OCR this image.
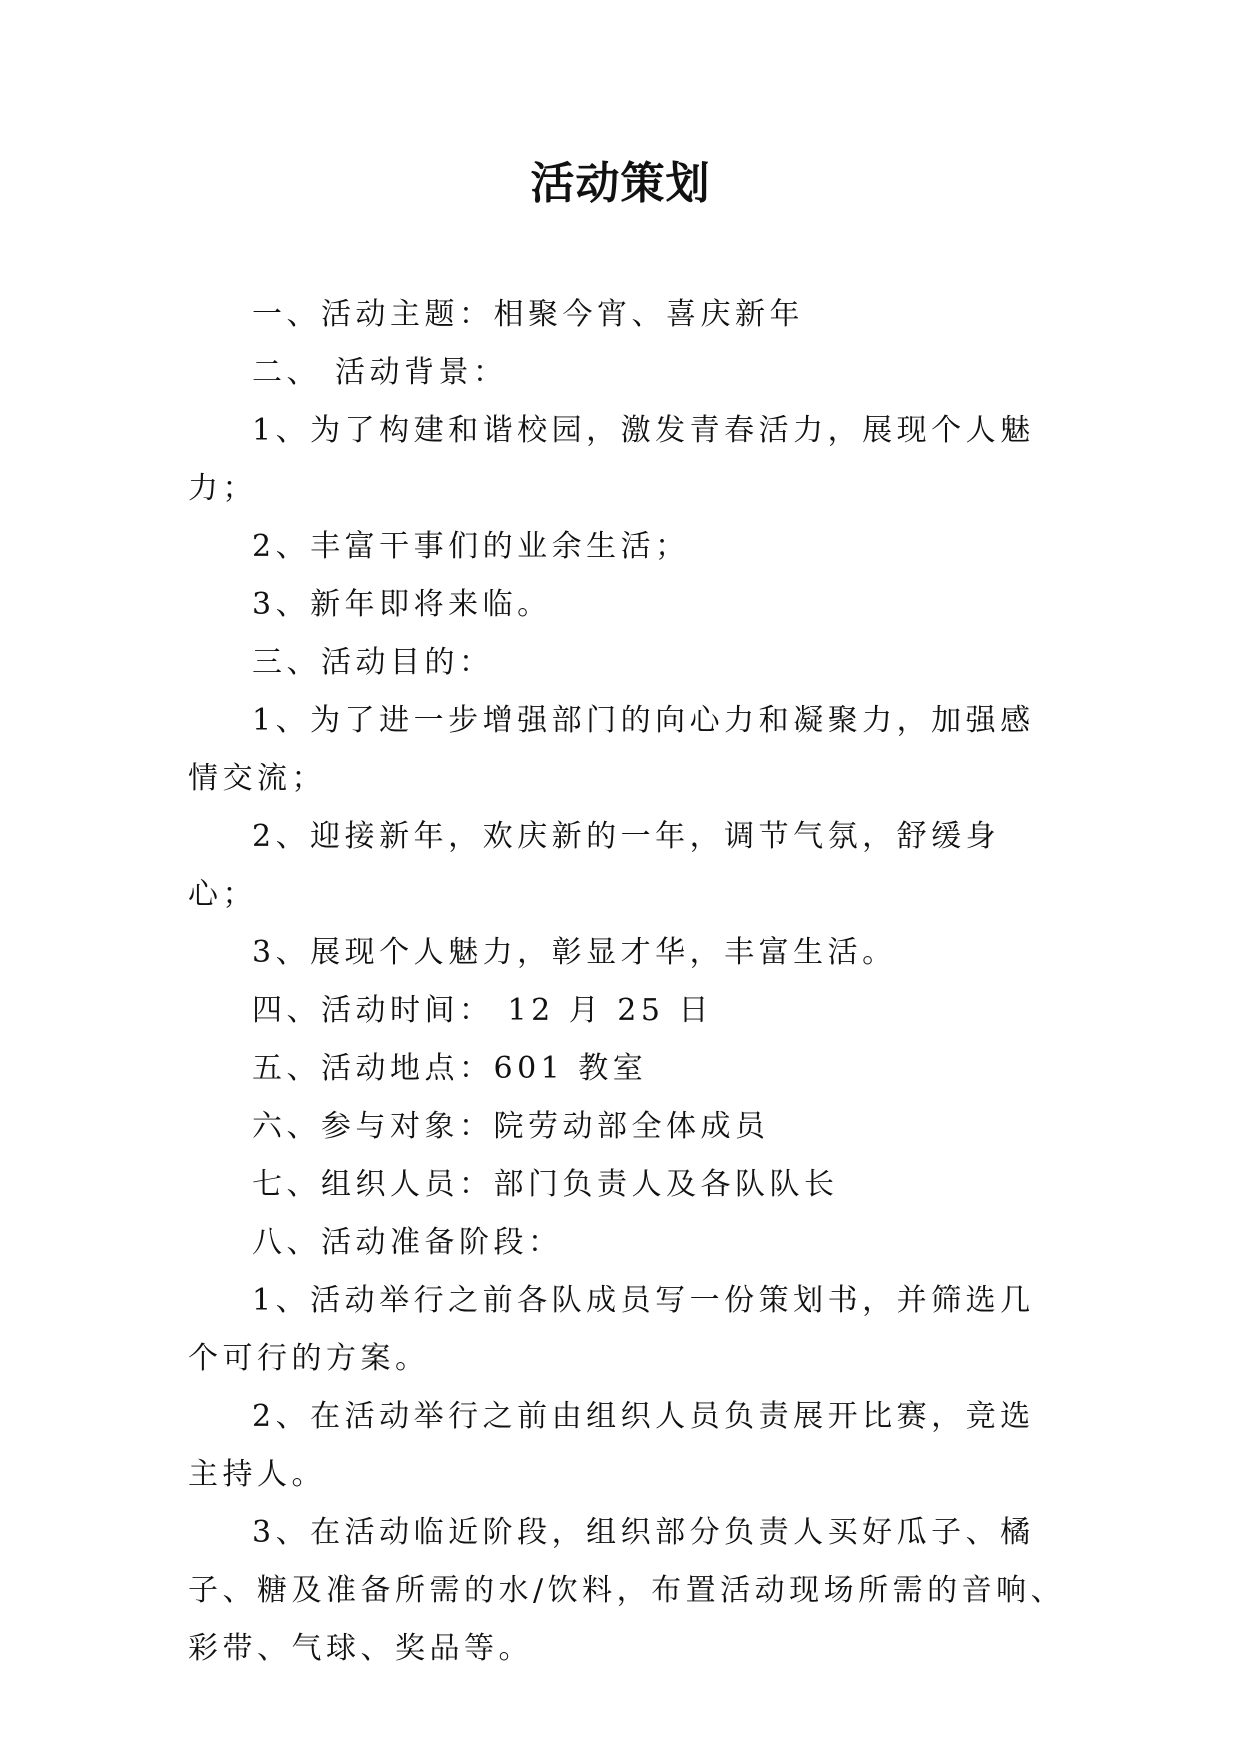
活动策划

一、活动主题：相聚今宵、喜庆新年

二、 活动背景：

1、为了构建和谐校园，激发青春活力，展现个人魅力；

2、丰富干事们的业余生活；

3、新年即将来临。

三、活动目的：

1、为了进一步增强部门的向心力和凝聚力，加强感情交流；

2、迎接新年，欢庆新的一年，调节气氛，舒缓身心；

3、展现个人魅力，彰显才华，丰富生活。

四、活动时间： 12 月 25 日

五、活动地点：601 教室

六、参与对象：院劳动部全体成员

七、组织人员：部门负责人及各队队长

八、活动准备阶段：

1、活动举行之前各队成员写一份策划书，并筛选几个可行的方案。

2、在活动举行之前由组织人员负责展开比赛，竞选主持人。

3、在活动临近阶段，组织部分负责人买好瓜子、橘子、糖及准备所需的水/饮料，布置活动现场所需的音响、彩带、气球、奖品等。
